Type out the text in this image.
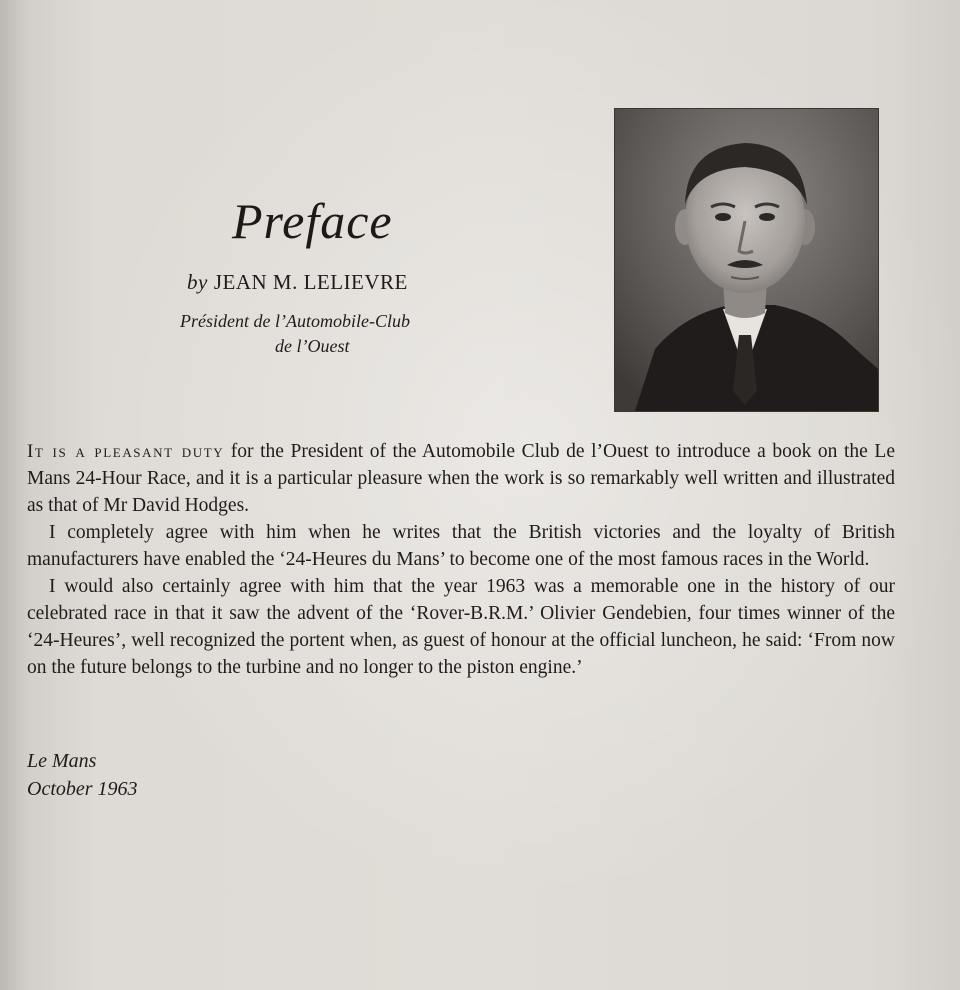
Preface
by JEAN M. LELIEVRE
Président de l’Automobile-Club
de l’Ouest

It is a pleasant duty for the President of the Automobile Club de l’Ouest to introduce a book on the Le Mans 24-Hour Race, and it is a particular pleasure when the work is so remarkably well written and illustrated as that of Mr David Hodges.

I completely agree with him when he writes that the British victories and the loyalty of British manufacturers have enabled the ‘24-Heures du Mans’ to become one of the most famous races in the World.

I would also certainly agree with him that the year 1963 was a memorable one in the history of our celebrated race in that it saw the advent of the ‘Rover-B.R.M.’ Olivier Gendebien, four times winner of the ‘24-Heures’, well recognized the portent when, as guest of honour at the official luncheon, he said: ‘From now on the future belongs to the turbine and no longer to the piston engine.’

Le Mans
October 1963
